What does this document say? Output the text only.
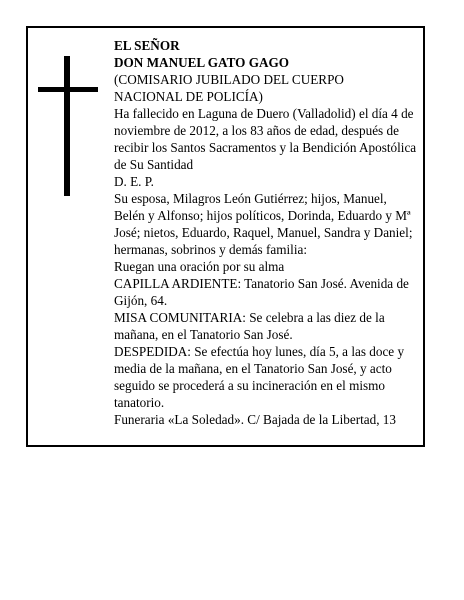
EL SEÑOR
DON MANUEL GATO GAGO
(COMISARIO JUBILADO DEL CUERPO
NACIONAL DE POLICÍA)
Ha fallecido en Laguna de Duero (Valladolid) el día 4 de noviembre de 2012, a los 83 años de edad, después de recibir los Santos Sacramentos y la Bendición Apostólica de Su Santidad
D. E. P.
Su esposa, Milagros León Gutiérrez; hijos, Manuel, Belén y Alfonso; hijos políticos, Dorinda, Eduardo y Mª José; nietos, Eduardo, Raquel, Manuel, Sandra y Daniel; hermanas, sobrinos y demás familia:
Ruegan una oración por su alma
CAPILLA ARDIENTE: Tanatorio San José. Avenida de Gijón, 64.
MISA COMUNITARIA: Se celebra a las diez de la mañana, en el Tanatorio San José.
DESPEDIDA: Se efectúa hoy lunes, día 5, a las doce y media de la mañana, en el Tanatorio San José, y acto seguido se procederá a su incineración en el mismo tanatorio.
Funeraria «La Soledad». C/ Bajada de la Libertad, 13
